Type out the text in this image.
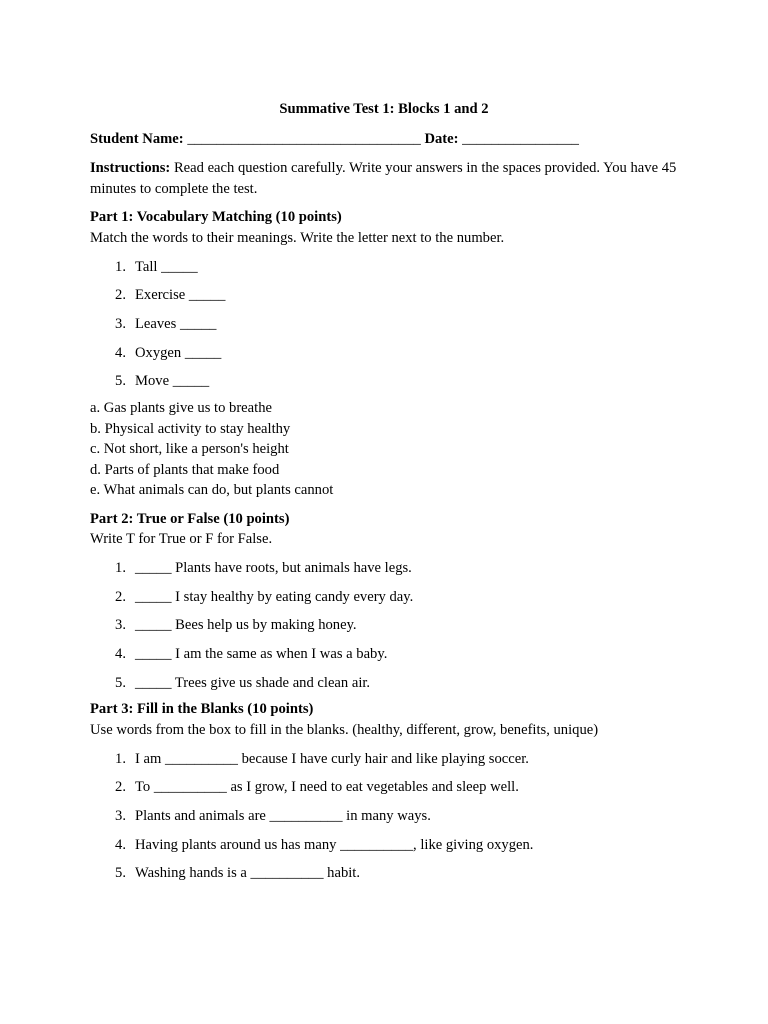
Summative Test 1: Blocks 1 and 2
Student Name: ________________________________ Date: ________________
Instructions: Read each question carefully. Write your answers in the spaces provided. You have 45 minutes to complete the test.
Part 1: Vocabulary Matching (10 points)
Match the words to their meanings. Write the letter next to the number.
1. Tall _____
2. Exercise _____
3. Leaves _____
4. Oxygen _____
5. Move _____
a. Gas plants give us to breathe
b. Physical activity to stay healthy
c. Not short, like a person's height
d. Parts of plants that make food
e. What animals can do, but plants cannot
Part 2: True or False (10 points)
Write T for True or F for False.
1. _____ Plants have roots, but animals have legs.
2. _____ I stay healthy by eating candy every day.
3. _____ Bees help us by making honey.
4. _____ I am the same as when I was a baby.
5. _____ Trees give us shade and clean air.
Part 3: Fill in the Blanks (10 points)
Use words from the box to fill in the blanks. (healthy, different, grow, benefits, unique)
1. I am __________ because I have curly hair and like playing soccer.
2. To __________ as I grow, I need to eat vegetables and sleep well.
3. Plants and animals are __________ in many ways.
4. Having plants around us has many __________, like giving oxygen.
5. Washing hands is a __________ habit.
